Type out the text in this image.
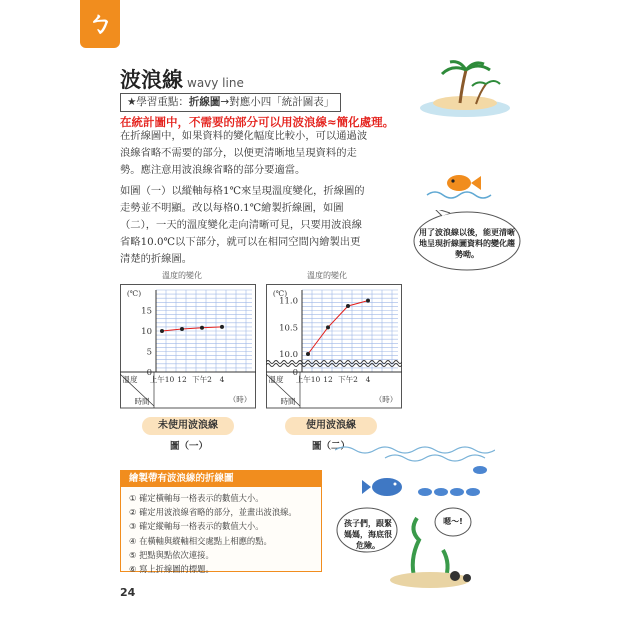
ㄅ
波浪線 wavy line
★學習重點：折線圖→對應小四「統計圖表」
在統計圖中，不需要的部分可以用波浪線≈簡化處理。
在折線圖中，如果資料的變化幅度比較小，可以通過波浪線省略不需要的部分，以便更清晰地呈現資料的走勢。應注意用波浪線省略的部分要適當。
如圖（一）以縱軸每格1℃來呈現溫度變化，折線圖的走勢並不明顯。改以每格0.1℃繪製折線圖，如圖（二），一天的溫度變化走向清晰可見，只要用波浪線省略10.0℃以下部分，就可以在相同空間內繪製出更清楚的折線圖。
用了波浪線以後，能更清晰地呈現折線圖資料的變化趨勢呦。
溫度的變化
(℃)
0
5
10
15
上午10 12 下午2 4
溫度
時間	（時）
未使用波浪線
圖（一）
溫度的變化
(℃)
0
10.0
10.5
11.0
上午10 12 下午2 4
溫度
時間	（時）
使用波浪線
圖（二）
繪製帶有波浪線的折線圖
① 確定橫軸每一格表示的數值大小。
② 確定用波浪線省略的部分，並畫出波浪線。
③ 確定縱軸每一格表示的數值大小。
④ 在橫軸與縱軸相交處點上相應的點。
⑤ 把點與點依次連接。
⑥ 寫上折線圖的標題。
孩子們，跟緊媽媽，海底很危險。
嗯～!
24
